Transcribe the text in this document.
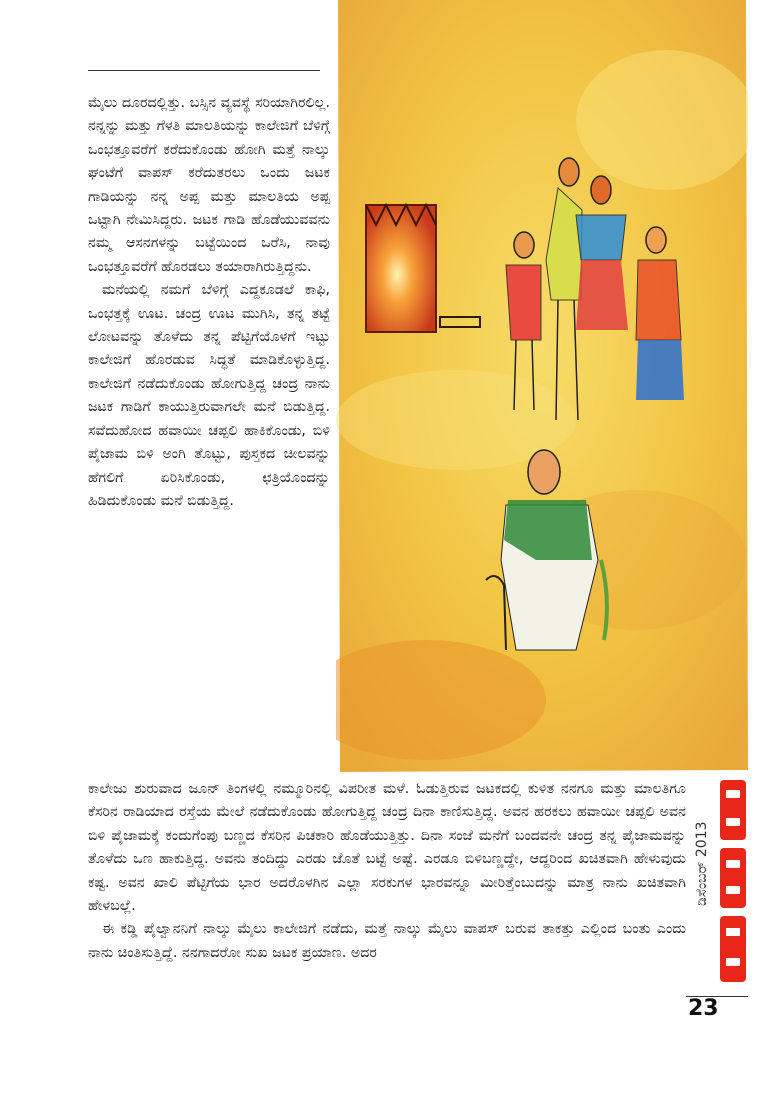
ಮೈಲು ದೂರದಲ್ಲಿತ್ತು. ಬಸ್ಸಿನ ವ್ಯವಸ್ಥೆ ಸರಿಯಾಗಿರಲಿಲ್ಲ. ನನ್ನನ್ನು ಮತ್ತು ಗೆಳತಿ ಮಾಲತಿಯನ್ನು ಕಾಲೇಜಿಗೆ ಬೆಳಿಗ್ಗೆ ಒಂಭತ್ತೂವರೆಗೆ ಕರೆದುಕೊಂಡು ಹೋಗಿ ಮತ್ತೆ ನಾಲ್ಕು ಘಂಟೆಗೆ ವಾಪಸ್ ಕರೆದುತರಲು ಒಂದು ಜಟಕ ಗಾಡಿಯನ್ನು ನನ್ನ ಅಪ್ಪ ಮತ್ತು ಮಾಲತಿಯ ಅಪ್ಪ ಒಟ್ಟಾಗಿ ನೇಮಿಸಿದ್ದರು. ಜಟಕ ಗಾಡಿ ಹೊಡೆಯುವವನು ನಮ್ಮ ಆಸನಗಳನ್ನು ಬಟ್ಟೆಯಿಂದ ಒರೆಸಿ, ನಾವು ಒಂಭತ್ತೂವರೆಗೆ ಹೊರಡಲು ತಯಾರಾಗಿರುತ್ತಿದ್ದನು.

ಮನೆಯಲ್ಲಿ ನಮಗೆ ಬೆಳಿಗ್ಗೆ ಎದ್ದಕೂಡಲೆ ಕಾಫಿ, ಒಂಭತ್ತಕ್ಕೆ ಊಟ. ಚಂದ್ರ ಊಟ ಮುಗಿಸಿ, ತನ್ನ ತಟ್ಟೆ ಲೋಟವನ್ನು ತೊಳೆದು ತನ್ನ ಪೆಟ್ಟಿಗೆಯೊಳಗೆ ಇಟ್ಟು ಕಾಲೇಜಿಗೆ ಹೊರಡುವ ಸಿದ್ಧತೆ ಮಾಡಿಕೊಳ್ಳುತ್ತಿದ್ದ. ಕಾಲೇಜಿಗೆ ನಡೆದುಕೊಂಡು ಹೋಗುತ್ತಿದ್ದ ಚಂದ್ರ ನಾನು ಜಟಕ ಗಾಡಿಗೆ ಕಾಯುತ್ತಿರುವಾಗಲೇ ಮನೆ ಬಿಡುತ್ತಿದ್ದ. ಸವೆದುಹೋದ ಹವಾಯೀ ಚಪ್ಪಲಿ ಹಾಕಿಕೊಂಡು, ಬಿಳಿ ಪೈಜಾಮ ಬಿಳಿ ಅಂಗಿ ತೊಟ್ಟು, ಪುಸ್ತಕದ ಚೀಲವನ್ನು ಹೆಗಲಿಗೆ ಏರಿಸಿಕೊಂಡು, ಛತ್ರಿಯೊಂದನ್ನು ಹಿಡಿದುಕೊಂಡು ಮನೆ ಬಿಡುತ್ತಿದ್ದ.

ಕಾಲೇಜು ಶುರುವಾದ ಜೂನ್ ತಿಂಗಳಲ್ಲಿ ನಮ್ಮೂರಿನಲ್ಲಿ ವಿಪರೀತ ಮಳೆ. ಓಡುತ್ತಿರುವ ಜಟಕದಲ್ಲಿ ಕುಳಿತ ನನಗೂ ಮತ್ತು ಮಾಲತಿಗೂ ಕೆಸರಿನ ರಾಡಿಯಾದ ರಸ್ತೆಯ ಮೇಲೆ ನಡೆದುಕೊಂಡು ಹೋಗುತ್ತಿದ್ದ ಚಂದ್ರ ದಿನಾ ಕಾಣಿಸುತ್ತಿದ್ದ. ಅವನ ಹರಕಲು ಹವಾಯೀ ಚಪ್ಪಲಿ ಅವನ ಬಿಳಿ ಪೈಜಾಮಕ್ಕೆ ಕಂದುಗೆಂಪು ಬಣ್ಣದ ಕೆಸರಿನ ಪಿಚಕಾರಿ ಹೊಡೆಯುತ್ತಿತ್ತು. ದಿನಾ ಸಂಜೆ ಮನೆಗೆ ಬಂದವನೇ ಚಂದ್ರ ತನ್ನ ಪೈಜಾಮವನ್ನು ತೊಳೆದು ಒಣ ಹಾಕುತ್ತಿದ್ದ. ಅವನು ತಂದಿದ್ದು ಎರಡು ಜೊತೆ ಬಟ್ಟೆ ಅಷ್ಟೆ. ಎರಡೂ ಬಿಳಿಬಣ್ಣದ್ದೇ, ಆದ್ದರಿಂದ ಖಚಿತವಾಗಿ ಹೇಳುವುದು ಕಷ್ಟ. ಅವನ ಖಾಲಿ ಪೆಟ್ಟಿಗೆಯ ಭಾರ ಅದರೊಳಗಿನ ಎಲ್ಲಾ ಸರಕುಗಳ ಭಾರವನ್ನೂ ಮೀರಿತ್ತೆಂಬುದನ್ನು ಮಾತ್ರ ನಾನು ಖಚಿತವಾಗಿ ಹೇಳಬಲ್ಲೆ.

ಈ ಕಡ್ಡಿ ಪೈಲ್ವಾನನಿಗೆ ನಾಲ್ಕು ಮೈಲು ಕಾಲೇಜಿಗೆ ನಡೆದು, ಮತ್ತೆ ನಾಲ್ಕು ಮೈಲು ವಾಪಸ್ ಬರುವ ತಾಕತ್ತು ಎಲ್ಲಿಂದ ಬಂತು ಎಂದು ನಾನು ಚಿಂತಿಸುತ್ತಿದ್ದೆ. ನನಗಾದರೋ ಸುಖ ಜಟಕ ಪ್ರಯಾಣ. ಅದರ

ಡಿಸೆಂಬರ್ 2013
23
